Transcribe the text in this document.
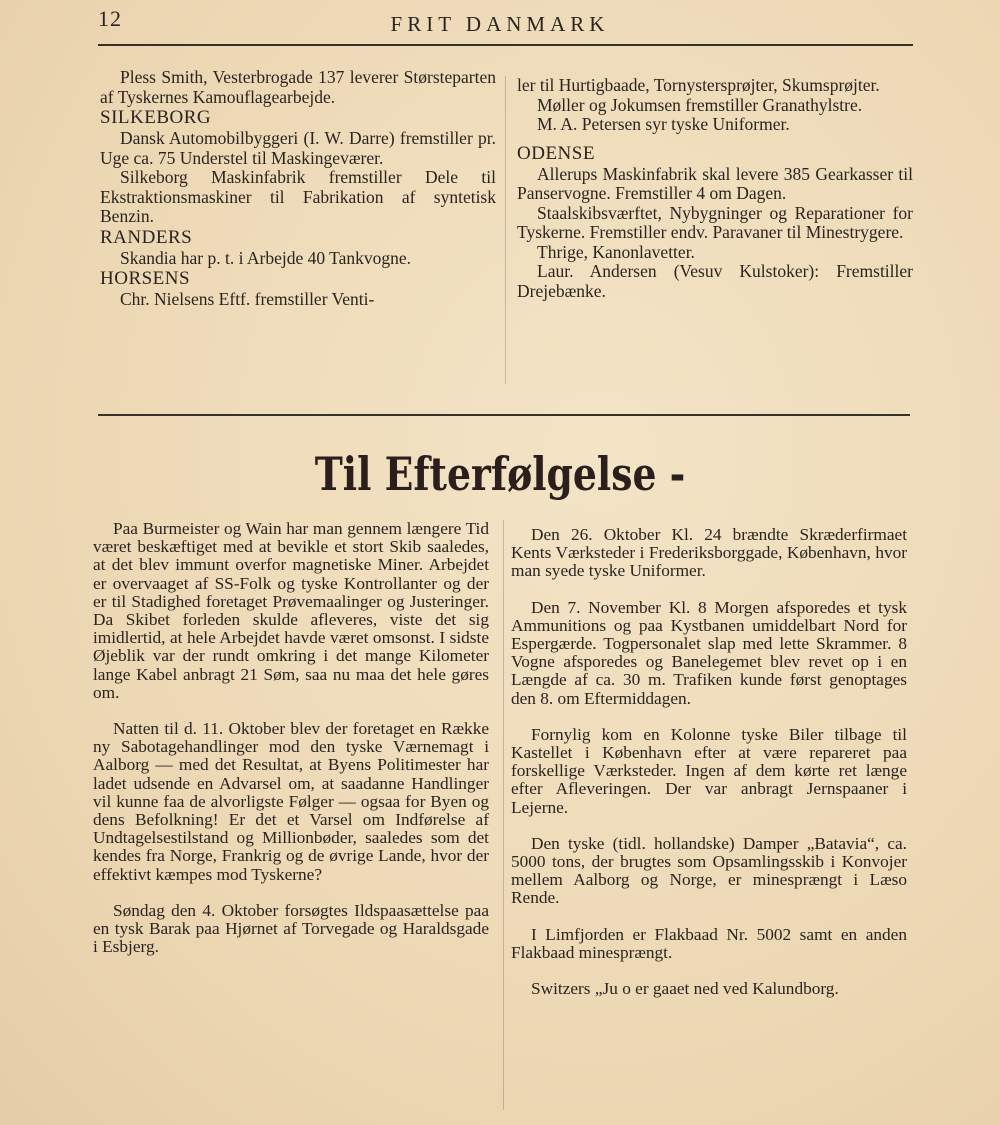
12	FRIT DANMARK

Pless Smith, Vesterbrogade 137 leverer Størsteparten af Tyskernes Kamouflagearbejde.

SILKEBORG

Dansk Automobilbyggeri (I. W. Darre) fremstiller pr. Uge ca. 75 Understel til Maskingeværer.

Silkeborg Maskinfabrik fremstiller Dele til Ekstraktionsmaskiner til Fabrikation af syntetisk Benzin.

RANDERS

Skandia har p. t. i Arbejde 40 Tankvogne.

HORSENS

Chr. Nielsens Eftf. fremstiller Venti-

ler til Hurtigbaade, Tornystersprøjter, Skumsprøjter.

Møller og Jokumsen fremstiller Granathylstre.

M. A. Petersen syr tyske Uniformer.

ODENSE

Allerups Maskinfabrik skal levere 385 Gearkasser til Panservogne. Fremstiller 4 om Dagen.

Staalskibsværftet, Nybygninger og Reparationer for Tyskerne. Fremstiller endv. Paravaner til Minestrygere.

Thrige, Kanonlavetter.

Laur. Andersen (Vesuv Kulstoker): Fremstiller Drejebænke.

Til Efterfølgelse -

Paa Burmeister og Wain har man gennem længere Tid været beskæftiget med at bevikle et stort Skib saaledes, at det blev immunt overfor magnetiske Miner. Arbejdet er overvaaget af SS-Folk og tyske Kontrollanter og der er til Stadighed foretaget Prøvemaalinger og Justeringer. Da Skibet forleden skulde afleveres, viste det sig imidlertid, at hele Arbejdet havde været omsonst. I sidste Øjeblik var der rundt omkring i det mange Kilometer lange Kabel anbragt 21 Søm, saa nu maa det hele gøres om.

Natten til d. 11. Oktober blev der foretaget en Række ny Sabotagehandlinger mod den tyske Værnemagt i Aalborg — med det Resultat, at Byens Politimester har ladet udsende en Advarsel om, at saadanne Handlinger vil kunne faa de alvorligste Følger — ogsaa for Byen og dens Befolkning! Er det et Varsel om Indførelse af Undtagelsestilstand og Millionbøder, saaledes som det kendes fra Norge, Frankrig og de øvrige Lande, hvor der effektivt kæmpes mod Tyskerne?

Søndag den 4. Oktober forsøgtes Ildspaasættelse paa en tysk Barak paa Hjørnet af Torvegade og Haraldsgade i Esbjerg.

Den 26. Oktober Kl. 24 brændte Skræderfirmaet Kents Værksteder i Frederiksborggade, København, hvor man syede tyske Uniformer.

Den 7. November Kl. 8 Morgen afsporedes et tysk Ammunitions og paa Kystbanen umiddelbart Nord for Espergærde. Togpersonalet slap med lette Skrammer. 8 Vogne afsporedes og Banelegemet blev revet op i en Længde af ca. 30 m. Trafiken kunde først genoptages den 8. om Eftermiddagen.

Fornylig kom en Kolonne tyske Biler tilbage til Kastellet i København efter at være repareret paa forskellige Værksteder. Ingen af dem kørte ret længe efter Afleveringen. Der var anbragt Jernspaaner i Lejerne.

Den tyske (tidl. hollandske) Damper „Batavia“, ca. 5000 tons, der brugtes som Opsamlingsskib i Konvojer mellem Aalborg og Norge, er minesprængt i Læso Rende.

I Limfjorden er Flakbaad Nr. 5002 samt en anden Flakbaad minesprængt.

Switzers „Ju o er gaaet ned ved Kalundborg.
